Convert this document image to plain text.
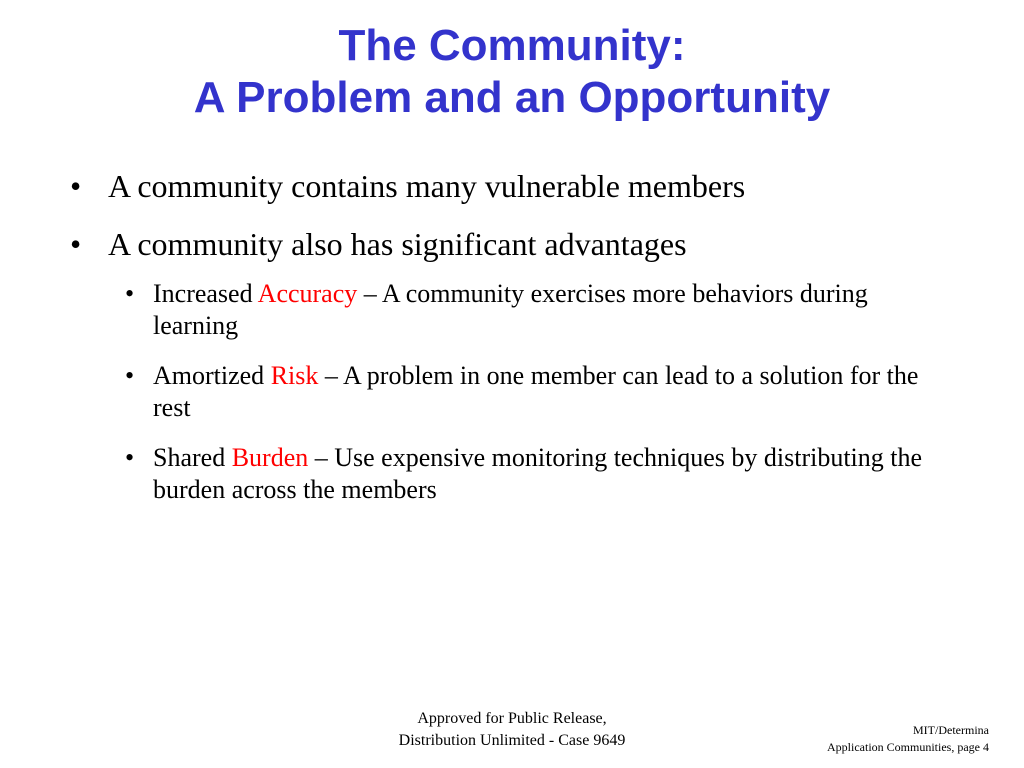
The Community:
A Problem and an Opportunity
• A community contains many vulnerable members
• A community also has significant advantages
• Increased Accuracy – A community exercises more behaviors during learning
• Amortized Risk – A problem in one member can lead to a solution for the rest
• Shared Burden – Use expensive monitoring techniques by distributing the burden across the members
Approved for Public Release,
Distribution Unlimited - Case 9649
MIT/Determina
Application Communities, page 4
